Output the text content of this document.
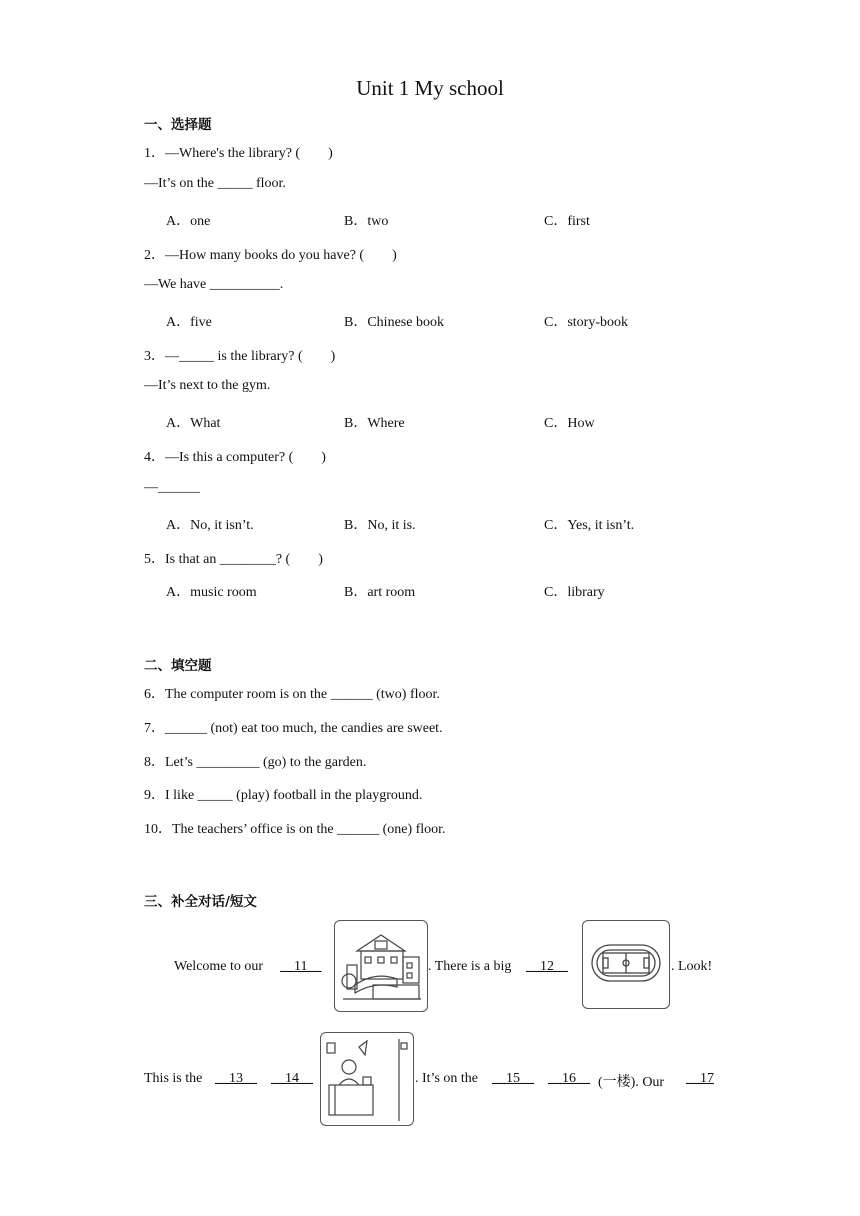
Unit 1 My school
一、选择题
1．—Where's the library? (　　)
—It’s on the _____ floor.
A．one	B．two	C．first
2．—How many books do you have? (　　)
—We have __________.
A．five	B．Chinese book	C．story-book
3．—_____ is the library? (　　)
—It’s next to the gym.
A．What	B．Where	C．How
4．—Is this a computer? (　　)
—______
A．No, it isn’t.	B．No, it is.	C．Yes, it isn’t.
5．Is that an ________? (　　)
A．music room	B．art room	C．library
二、填空题
6．The computer room is on the ______ (two) floor.
7．______ (not) eat too much, the candies are sweet.
8．Let’s _________ (go) to the garden.
9．I like _____ (play) football in the playground.
10．The teachers’ office is on the ______ (one) floor.
三、补全对话/短文
Welcome to our __11__	. There is a big __12__	. Look!
This is the __13__ __14__	. It’s on the __15__ __16__ (一楼). Our __17
